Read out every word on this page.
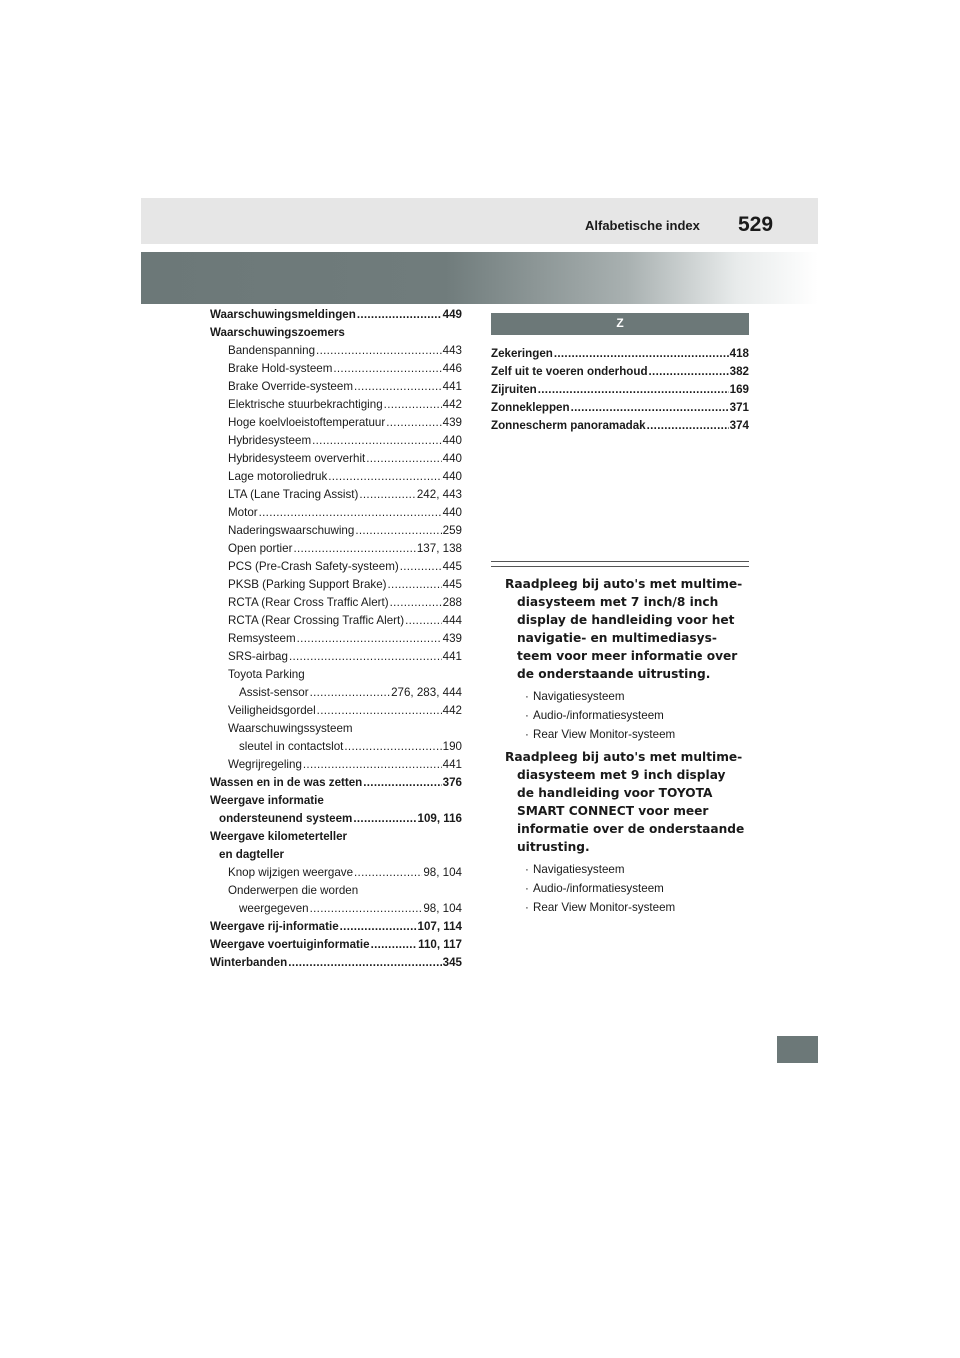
Alfabetische index 529
Waarschuwingsmeldingen .....	449
Waarschuwingszoemers
Bandenspanning .....	443
Brake Hold-systeem .....	446
Brake Override-systeem .....	441
Elektrische stuurbekrachtiging .....	442
Hoge koelvloeistoftemperatuur .....	439
Hybridesysteem .....	440
Hybridesysteem oververhit .....	440
Lage motoroliedruk .....	440
LTA (Lane Tracing Assist) .....	242, 443
Motor .....	440
Naderingswaarschuwing .....	259
Open portier .....	137, 138
PCS (Pre-Crash Safety-systeem) .....	445
PKSB (Parking Support Brake) .....	445
RCTA (Rear Cross Traffic Alert) .....	288
RCTA (Rear Crossing Traffic Alert) .....	444
Remsysteem .....	439
SRS-airbag .....	441
Toyota Parking
Assist-sensor .....	276, 283, 444
Veiligheidsgordel .....	442
Waarschuwingssysteem
sleutel in contactslot .....	190
Wegrijregeling .....	441
Wassen en in de was zetten .....	376
Weergave informatie
ondersteunend systeem .....	109, 116
Weergave kilometerteller
en dagteller
Knop wijzigen weergave .....	98, 104
Onderwerpen die worden
weergegeven .....	98, 104
Weergave rij-informatie .....	107, 114
Weergave voertuiginformatie .....	110, 117
Winterbanden .....	345
Z
Zekeringen .....	418
Zelf uit te voeren onderhoud .....	382
Zijruiten .....	169
Zonnekleppen .....	371
Zonnescherm panoramadak .....	374
Raadpleeg bij auto's met multime-
diasysteem met 7 inch/8 inch
display de handleiding voor het
navigatie- en multimediasys-
teem voor meer informatie over
de onderstaande uitrusting.
· Navigatiesysteem
· Audio-/informatiesysteem
· Rear View Monitor-systeem
Raadpleeg bij auto's met multime-
diasysteem met 9 inch display
de handleiding voor TOYOTA
SMART CONNECT voor meer
informatie over de onderstaande
uitrusting.
· Navigatiesysteem
· Audio-/informatiesysteem
· Rear View Monitor-systeem
